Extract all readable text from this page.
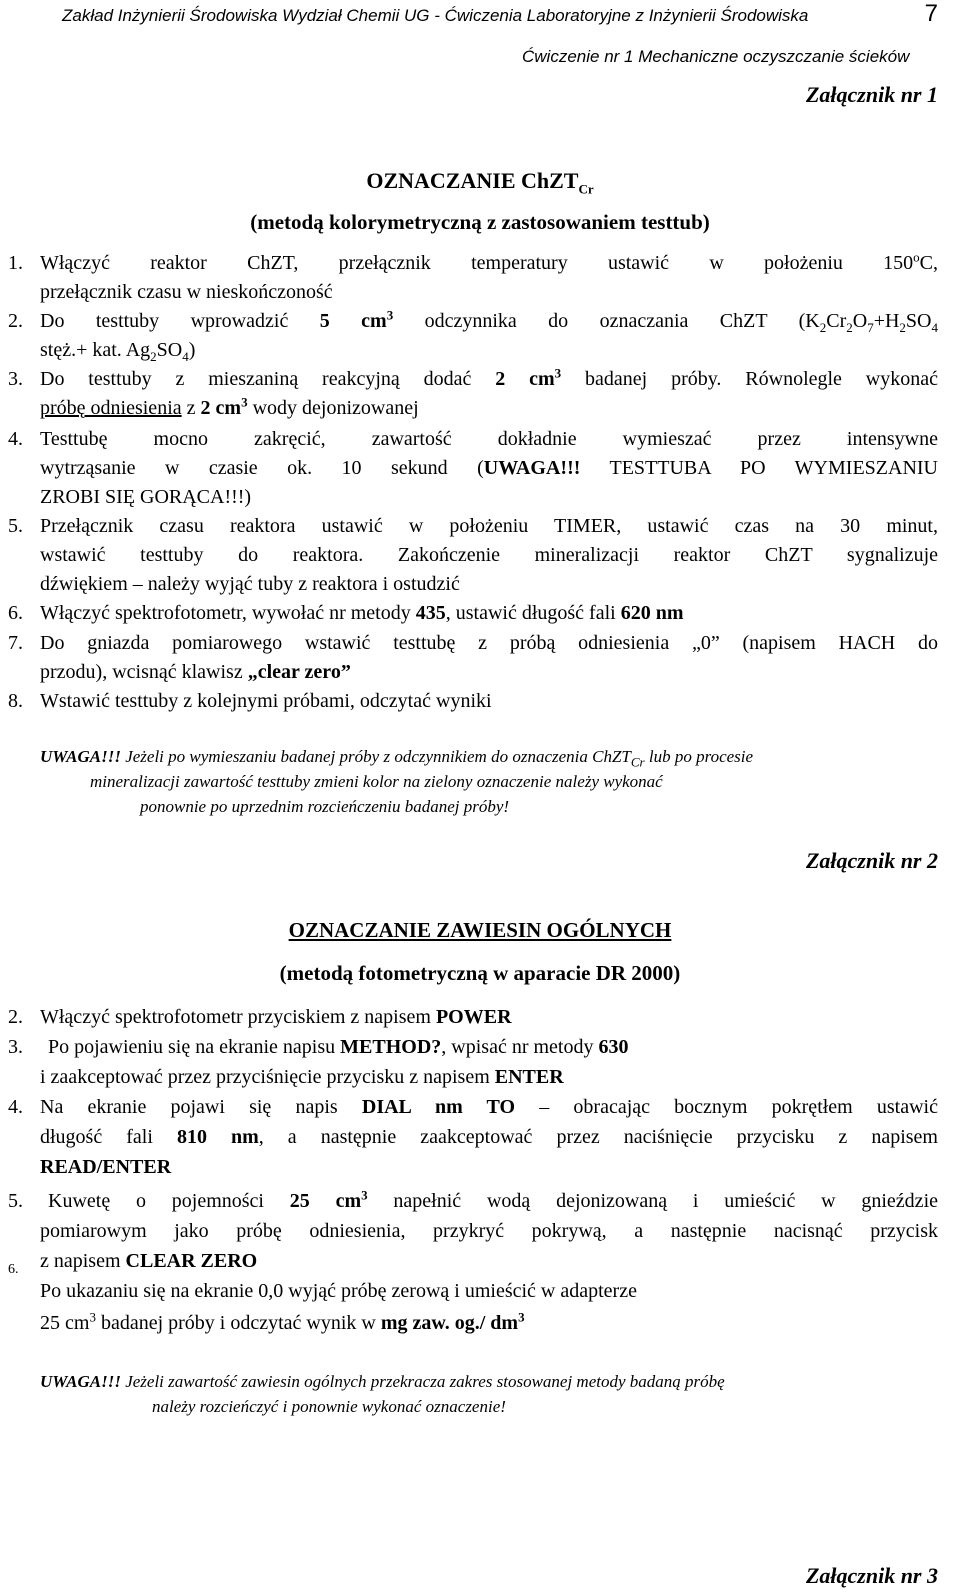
Zakład Inżynierii Środowiska Wydział Chemii UG - Ćwiczenia Laboratoryjne z Inżynierii Środowiska	7
Ćwiczenie nr 1 Mechaniczne oczyszczanie ścieków
Załącznik nr 1
OZNACZANIE ChZT$_{Cr}$
(metodą kolorymetryczną z zastosowaniem testtub)
1. Włączyć reaktor ChZT, przełącznik temperatury ustawić w położeniu 150$^o$C,
przełącznik czasu w nieskończoność
2. Do testtuby wprowadzić 5 $cm^3$ odczynnika do oznaczania ChZT ($K_2Cr_2O_7+H_2SO_4$
stęż.+ kat. $Ag_2SO_4$)
3. Do testtuby z mieszaniną reakcyjną dodać 2 $cm^3$ badanej próby. Równolegle wykonać
próbę odniesienia z 2 $cm^3$ wody dejonizowanej
4. Testtubę mocno zakręcić, zawartość dokładnie wymieszać przez intensywne
wytrząsanie w czasie ok. 10 sekund (UWAGA!!! TESTTUBA PO WYMIESZANIU
ZROBI SIĘ GORĄCA!!!)
5. Przełącznik czasu reaktora ustawić w położeniu TIMER, ustawić czas na 30 minut,
wstawić testtuby do reaktora. Zakończenie mineralizacji reaktor ChZT sygnalizuje
dźwiękiem – należy wyjąć tuby z reaktora i ostudzić
6. Włączyć spektrofotometr, wywołać nr metody 435, ustawić długość fali 620 nm
7. Do gniazda pomiarowego wstawić testtubę z próbą odniesienia „0” (napisem HACH do
przodu), wcisnąć klawisz „clear zero”
8. Wstawić testtuby z kolejnymi próbami, odczytać wyniki
UWAGA!!! Jeżeli po wymieszaniu badanej próby z odczynnikiem do oznaczenia ChZT$_{Cr}$ lub po procesie
mineralizacji zawartość testtuby zmieni kolor na zielony oznaczenie należy wykonać
ponownie po uprzednim rozcieńczeniu badanej próby!
Załącznik nr 2
OZNACZANIE ZAWIESIN OGÓLNYCH
(metodą fotometryczną w aparacie DR 2000)
2. Włączyć spektrofotometr przyciskiem z napisem POWER
3. Po pojawieniu się na ekranie napisu METHOD?, wpisać nr metody 630
i zaakceptować przez przyciśnięcie przycisku z napisem ENTER
4. Na ekranie pojawi się napis DIAL nm TO – obracając bocznym pokrętłem ustawić
długość fali 810 nm, a następnie zaakceptować przez naciśnięcie przycisku z napisem
READ/ENTER
5. Kuwetę o pojemności 25 $cm^3$ napełnić wodą dejonizowaną i umieścić w gnieździe
pomiarowym jako próbę odniesienia, przykryć pokrywą, a następnie nacisnąć przycisk
z napisem CLEAR ZERO
6.
Po ukazaniu się na ekranie 0,0 wyjąć próbę zerową i umieścić w adapterze
25 $cm^3$ badanej próby i odczytać wynik w mg zaw. og./ $dm^3$
UWAGA!!! Jeżeli zawartość zawiesin ogólnych przekracza zakres stosowanej metody badaną próbę
należy rozcieńczyć i ponownie wykonać oznaczenie!
Załącznik nr 3
